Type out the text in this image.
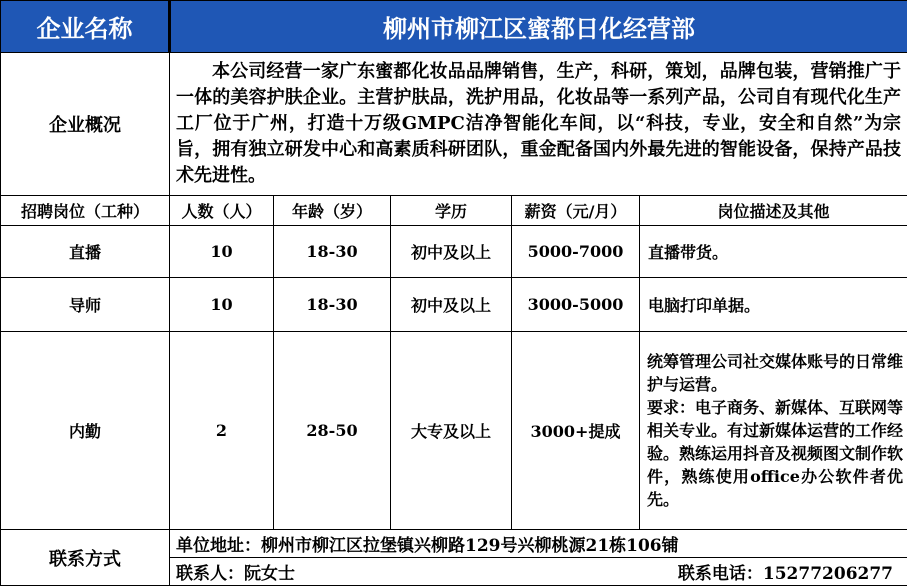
企业名称	柳州市柳江区蜜都日化经营部				
企业概况	本公司经营一家广东蜜都化妆品品牌销售，生产，科研，策划，品牌包装，营销推广于一体的美容护肤企业。主营护肤品，洗护用品，化妆品等一系列产品，公司自有现代化生产工厂位于广州，打造十万级GMPC洁净智能化车间，以“科技，专业，安全和自然”为宗旨，拥有独立研发中心和高素质科研团队，重金配备国内外最先进的智能设备，保持产品技术先进性。				

招聘岗位（工种）	人数（人）	年龄（岁）	学历	薪资（元/月）	岗位描述及其他
直播	10	18-30	初中及以上	5000-7000	直播带货。
导师	10	18-30	初中及以上	3000-5000	电脑打印单据。
内勤	2	28-50	大专及以上	3000+提成	统筹管理公司社交媒体账号的日常维护与运营。
要求：电子商务、新媒体、互联网等相关专业。有过新媒体运营的工作经验。熟练运用抖音及视频图文制作软件，熟练使用office办公软件者优先。

联系方式	单位地址：柳州市柳江区拉堡镇兴柳路129号兴柳桃源21栋106铺				

	联系人：阮女士 联系电话：15277206277				
